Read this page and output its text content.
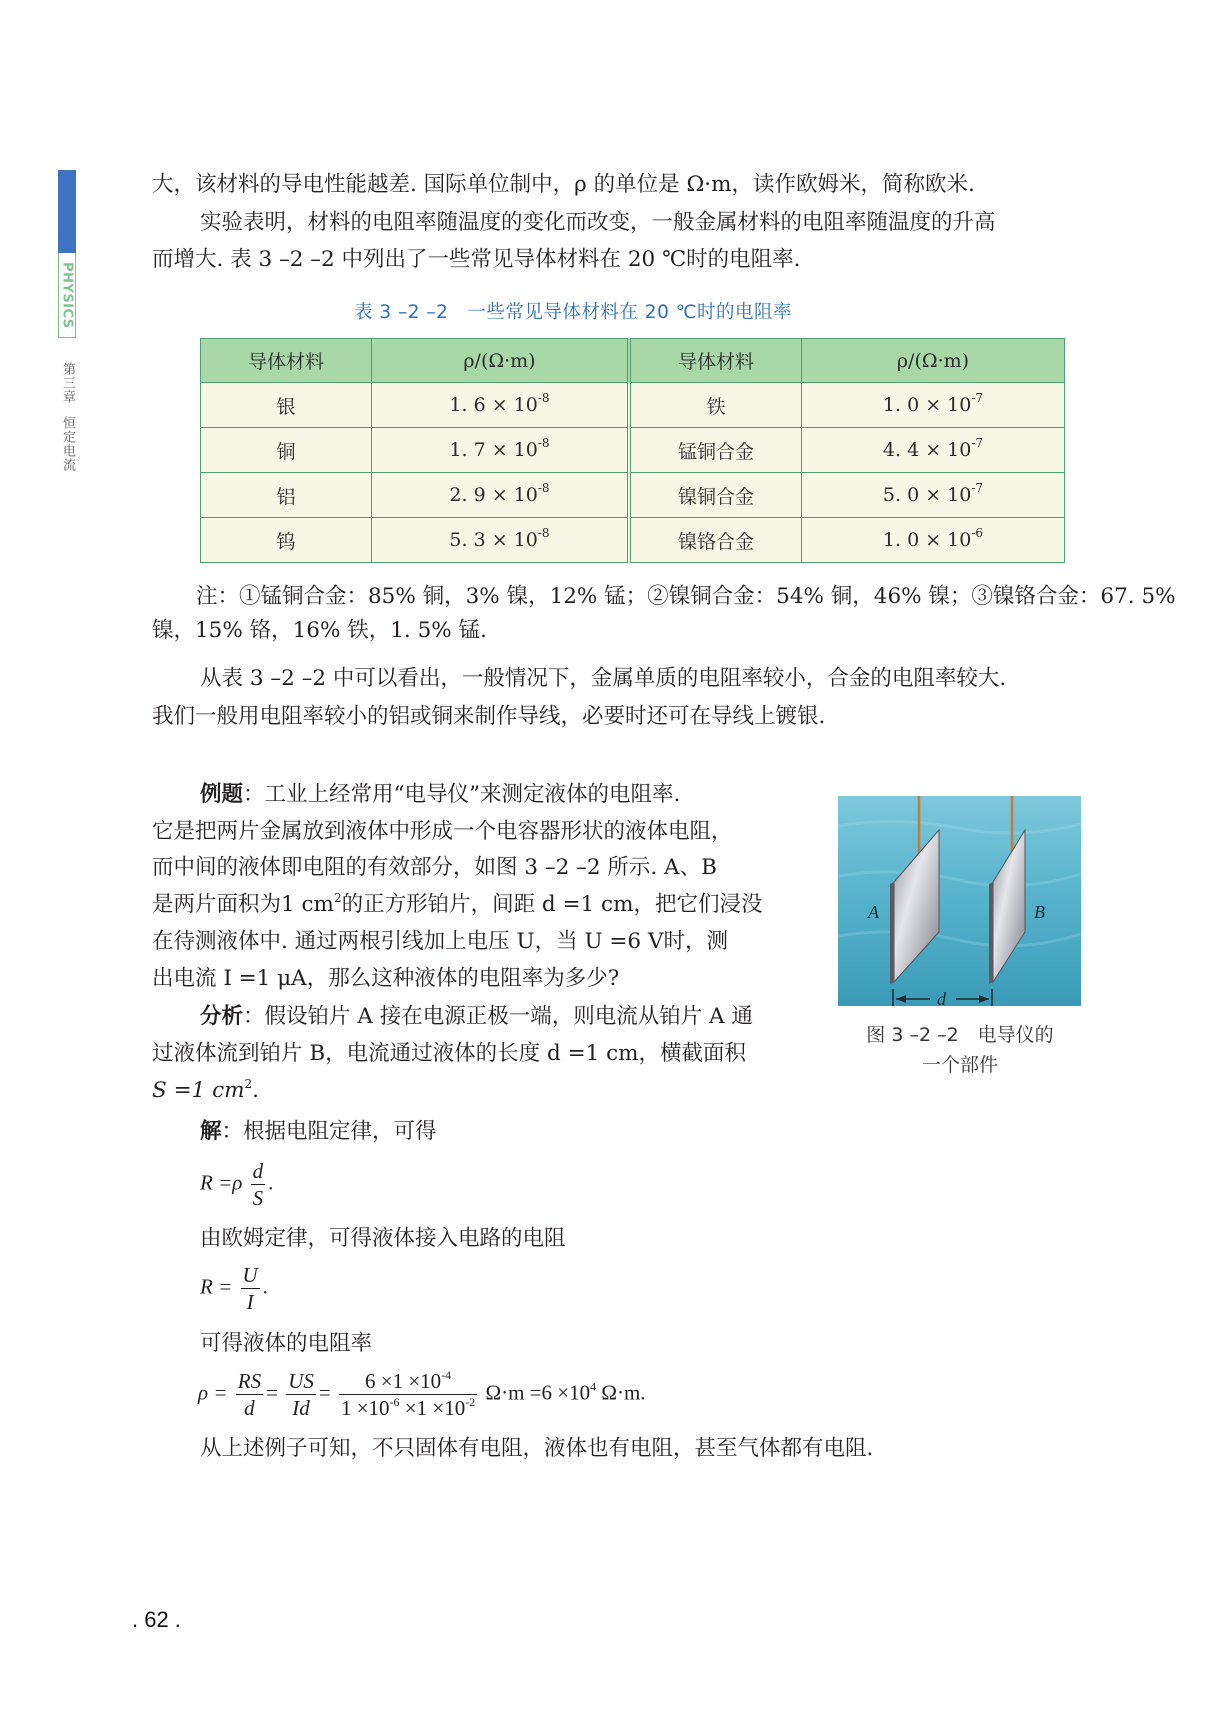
PHYSICS
第三章恒定电流

大，该材料的导电性能越差. 国际单位制中，ρ 的单位是 Ω·m，读作欧姆米，简称欧米.

实验表明，材料的电阻率随温度的变化而改变，一般金属材料的电阻率随温度的升高

而增大. 表 3 –2 –2 中列出了一些常见导体材料在 20 ℃时的电阻率.

表 3 –2 –2　一些常见导体材料在 20 ℃时的电阻率
导体材料	ρ/(Ω·m)	导体材料	ρ/(Ω·m)
银	1. $6 \times 10^{-8}$	铁	1. $0 \times 10^{-7}$
铜	1. $7 \times 10^{-8}$	锰铜合金	4. $4 \times 10^{-7}$
铝	2. $9 \times 10^{-8}$	镍铜合金	5. $0 \times 10^{-7}$
钨	5. $3 \times 10^{-8}$	镍铬合金	1. $0 \times 10^{-6}$

注：①锰铜合金：85% 铜，3% 镍，12% 锰；②镍铜合金：54% 铜，46% 镍；③镍铬合金：67. 5%

镍，15% 铬，16% 铁，1. 5% 锰.

从表 3 –2 –2 中可以看出，一般情况下，金属单质的电阻率较小，合金的电阻率较大.

我们一般用电阻率较小的铝或铜来制作导线，必要时还可在导线上镀银.

例题：工业上经常用“电导仪”来测定液体的电阻率.

它是把两片金属放到液体中形成一个电容器形状的液体电阻，

而中间的液体即电阻的有效部分，如图 3 –2 –2 所示. A、B

是两片面积为1 $cm^2$的正方形铂片，间距 d =1 cm，把它们浸没

在待测液体中. 通过两根引线加上电压 U，当 U =6 V时，测

出电流 I =1 μA，那么这种液体的电阻率为多少?

分析：假设铂片 A 接在电源正极一端，则电流从铂片 A 通

过液体流到铂片 B，电流通过液体的长度 d =1 cm，横截面积

S =1 $cm^2$.

解：根据电阻定律，可得

$R =\rho \frac{d}{S}$ .

由欧姆定律，可得液体接入电路的电阻

$R = \frac{U}{I}$ .

可得液体的电阻率

$\rho = \frac{RS}{d} = \frac{US}{Id} = \frac{6 \times 1 \times 10^{-4}}{1 \times 10^{-6} \times 1 \times 10^{-2}} \Omega\cdot m =6 \times 10^4$ Ω·m.

从上述例子可知，不只固体有电阻，液体也有电阻，甚至气体都有电阻.

A	B
d
图 3 –2 –2　电导仪的
一个部件
. 62 .
